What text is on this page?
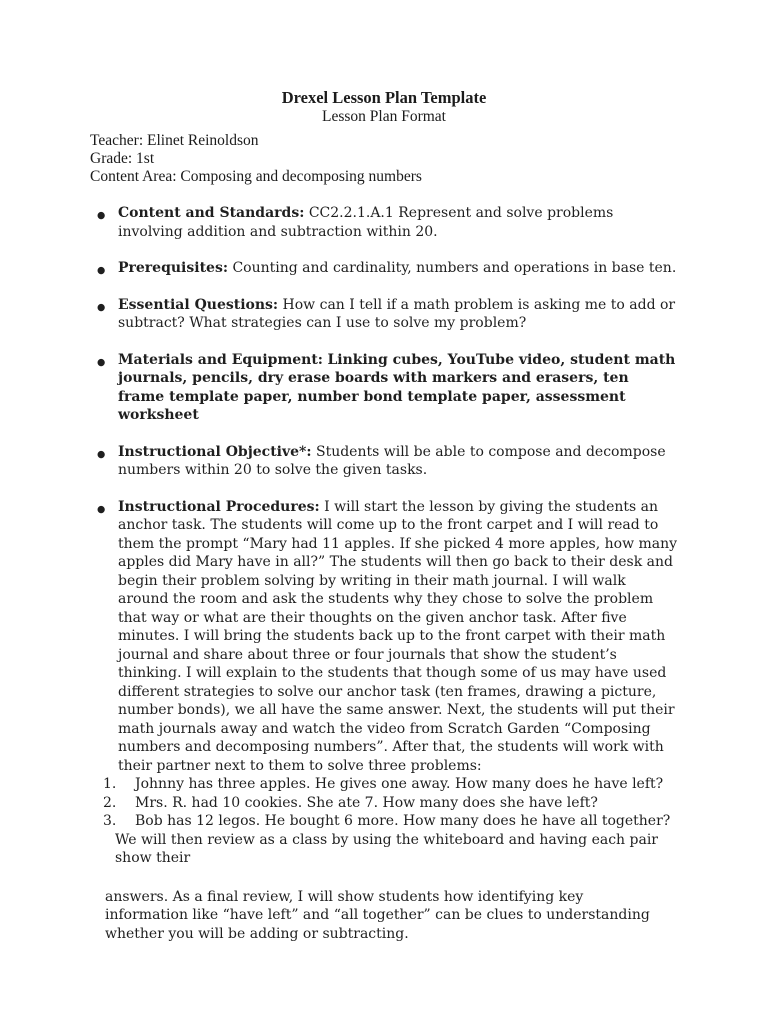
Drexel Lesson Plan Template
Lesson Plan Format
Teacher: Elinet Reinoldson
Grade: 1st
Content Area: Composing and decomposing numbers
● Content and Standards: CC2.2.1.A.1 Represent and solve problems involving addition and subtraction within 20.
● Prerequisites: Counting and cardinality, numbers and operations in base ten.
● Essential Questions: How can I tell if a math problem is asking me to add or subtract? What strategies can I use to solve my problem?
● Materials and Equipment: Linking cubes, YouTube video, student math journals, pencils, dry erase boards with markers and erasers, ten frame template paper, number bond template paper, assessment worksheet
● Instructional Objective*: Students will be able to compose and decompose numbers within 20 to solve the given tasks.
● Instructional Procedures: I will start the lesson by giving the students an anchor task. The students will come up to the front carpet and I will read to them the prompt “Mary had 11 apples. If she picked 4 more apples, how many apples did Mary have in all?” The students will then go back to their desk and begin their problem solving by writing in their math journal. I will walk around the room and ask the students why they chose to solve the problem that way or what are their thoughts on the given anchor task. After five minutes. I will bring the students back up to the front carpet with their math journal and share about three or four journals that show the student’s thinking. I will explain to the students that though some of us may have used different strategies to solve our anchor task (ten frames, drawing a picture, number bonds), we all have the same answer. Next, the students will put their math journals away and watch the video from Scratch Garden “Composing numbers and decomposing numbers”. After that, the students will work with their partner next to them to solve three problems:
1.	Johnny has three apples. He gives one away. How many does he have left?
2.	Mrs. R. had 10 cookies. She ate 7. How many does she have left?
3.	Bob has 12 legos. He bought 6 more. How many does he have all together?

We will then review as a class by using the whiteboard and having each pair show their

answers. As a final review, I will show students how identifying key information like “have left” and “all together” can be clues to understanding whether you will be adding or subtracting.
